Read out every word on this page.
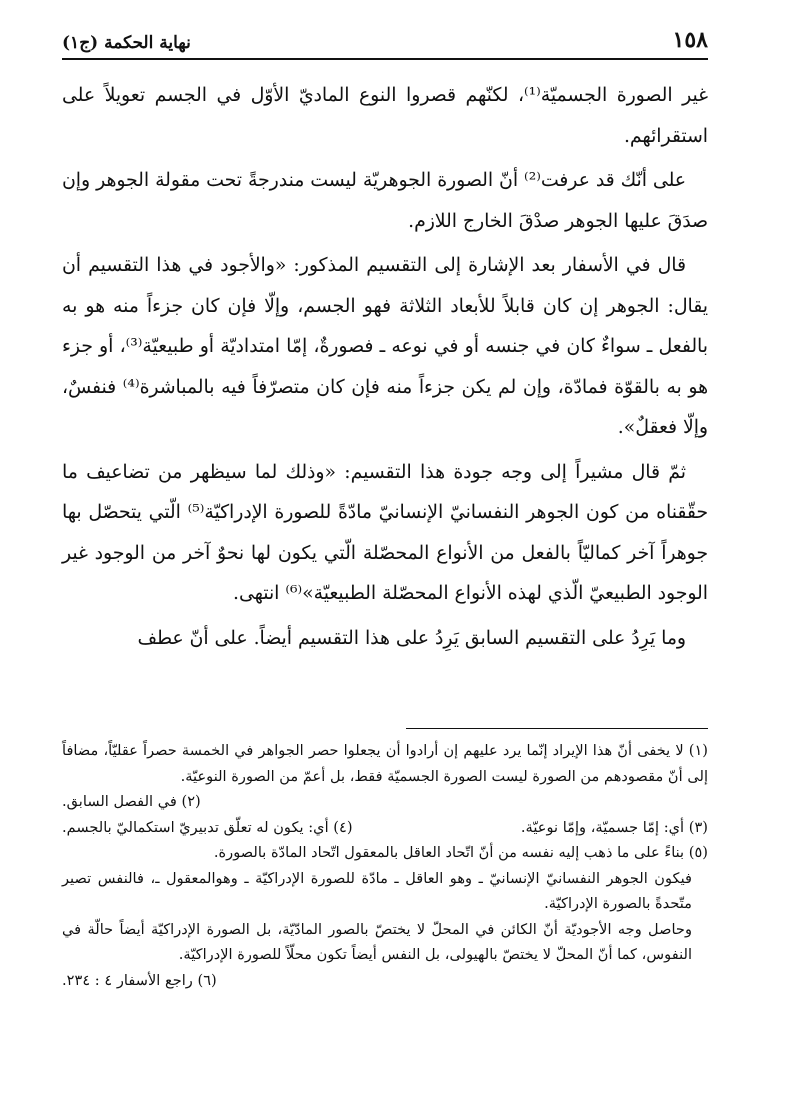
١٥٨
نهاية الحكمة (ج١)

غير الصورة الجسميّة⁽¹⁾، لكنّهم قصروا النوع الماديّ الأوّل في الجسم تعويلاً على استقرائهم.

على أنّك قد عرفت⁽²⁾ أنّ الصورة الجوهريّة ليست مندرجةً تحت مقولة الجوهر وإن صدَقَ عليها الجوهر صدْقَ الخارج اللازم.

قال في الأسفار بعد الإشارة إلى التقسيم المذكور: «والأجود في هذا التقسيم أن يقال: الجوهر إن كان قابلاً للأبعاد الثلاثة فهو الجسم، وإلّا فإن كان جزءاً منه هو به بالفعل ـ سواءٌ كان في جنسه أو في نوعه ـ فصورةٌ، إمّا امتداديّة أو طبيعيّة⁽³⁾، أو جزء هو به بالقوّة فمادّة، وإن لم يكن جزءاً منه فإن كان متصرّفاً فيه بالمباشرة⁽⁴⁾ فنفسٌ، وإلّا فعقلٌ».

ثمّ قال مشيراً إلى وجه جودة هذا التقسيم: «وذلك لما سيظهر من تضاعيف ما حقّقناه من كون الجوهر النفسانيّ الإنسانيّ مادّةً للصورة الإدراكيّة⁽⁵⁾ الّتي يتحصّل بها جوهراً آخر كماليّاً بالفعل من الأنواع المحصّلة الّتي يكون لها نحوٌ آخر من الوجود غير الوجود الطبيعيّ الّذي لهذه الأنواع المحصّلة الطبيعيّة»⁽⁶⁾ انتهى.

وما يَرِدُ على التقسيم السابق يَرِدُ على هذا التقسيم أيضاً. على أنّ عطف

(١) لا يخفى أنّ هذا الإيراد إنّما يرد عليهم إن أرادوا أن يجعلوا حصر الجواهر في الخمسة حصراً عقليّاً، مضافاً إلى أنّ مقصودهم من الصورة ليست الصورة الجسميّة فقط، بل أعمّ من الصورة النوعيّة.

(٢) في الفصل السابق.

(٣) أي: إمّا جسميّة، وإمّا نوعيّة.
(٤) أي: يكون له تعلّق تدبيريّ استكماليّ بالجسم.

(٥) بناءً على ما ذهب إليه نفسه من أنّ اتّحاد العاقل بالمعقول اتّحاد المادّة بالصورة.

فيكون الجوهر النفسانيّ الإنسانيّ ـ وهو العاقل ـ مادّة للصورة الإدراكيّة ـ وهوالمعقول ـ، فالنفس تصير متّحدةً بالصورة الإدراكيّة.

وحاصل وجه الأجوديّة أنّ الكائن في المحلّ لا يختصّ بالصور المادّيّة، بل الصورة الإدراكيّة أيضاً حالّة في النفوس، كما أنّ المحلّ لا يختصّ بالهيولى، بل النفس أيضاً تكون محلّاً للصورة الإدراكيّة.

(٦) راجع الأسفار ٤ : ٢٣٤.
